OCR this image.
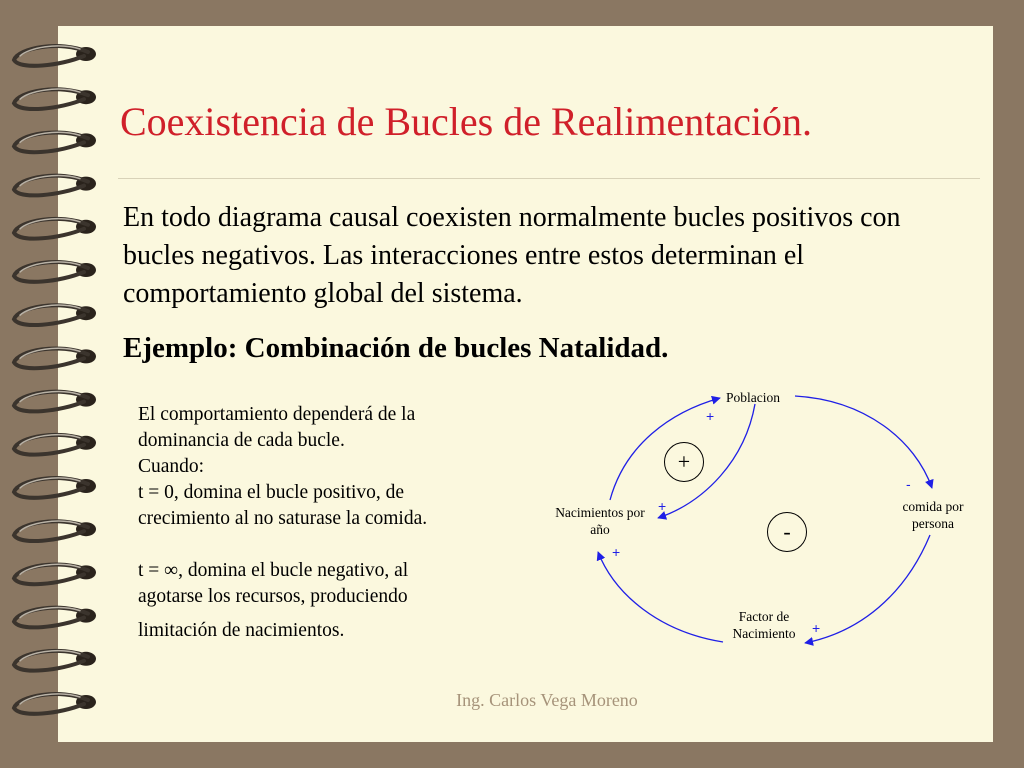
Coexistencia de Bucles de Realimentación.
En todo diagrama causal coexisten normalmente bucles positivos con bucles negativos. Las interacciones entre estos determinan el comportamiento global del sistema.
Ejemplo: Combinación de bucles Natalidad.
El comportamiento dependerá de la
dominancia de cada bucle.
Cuando:
t = 0, domina el bucle positivo, de
crecimiento al no saturase la comida.
t = ∞, domina el bucle negativo, al
agotarse los recursos, produciendo
limitación de nacimientos.
Poblacion
Nacimientos por
año
comida por
persona
Factor de
Nacimiento
+
+
-
+
+
+
-
Ing. Carlos Vega Moreno
